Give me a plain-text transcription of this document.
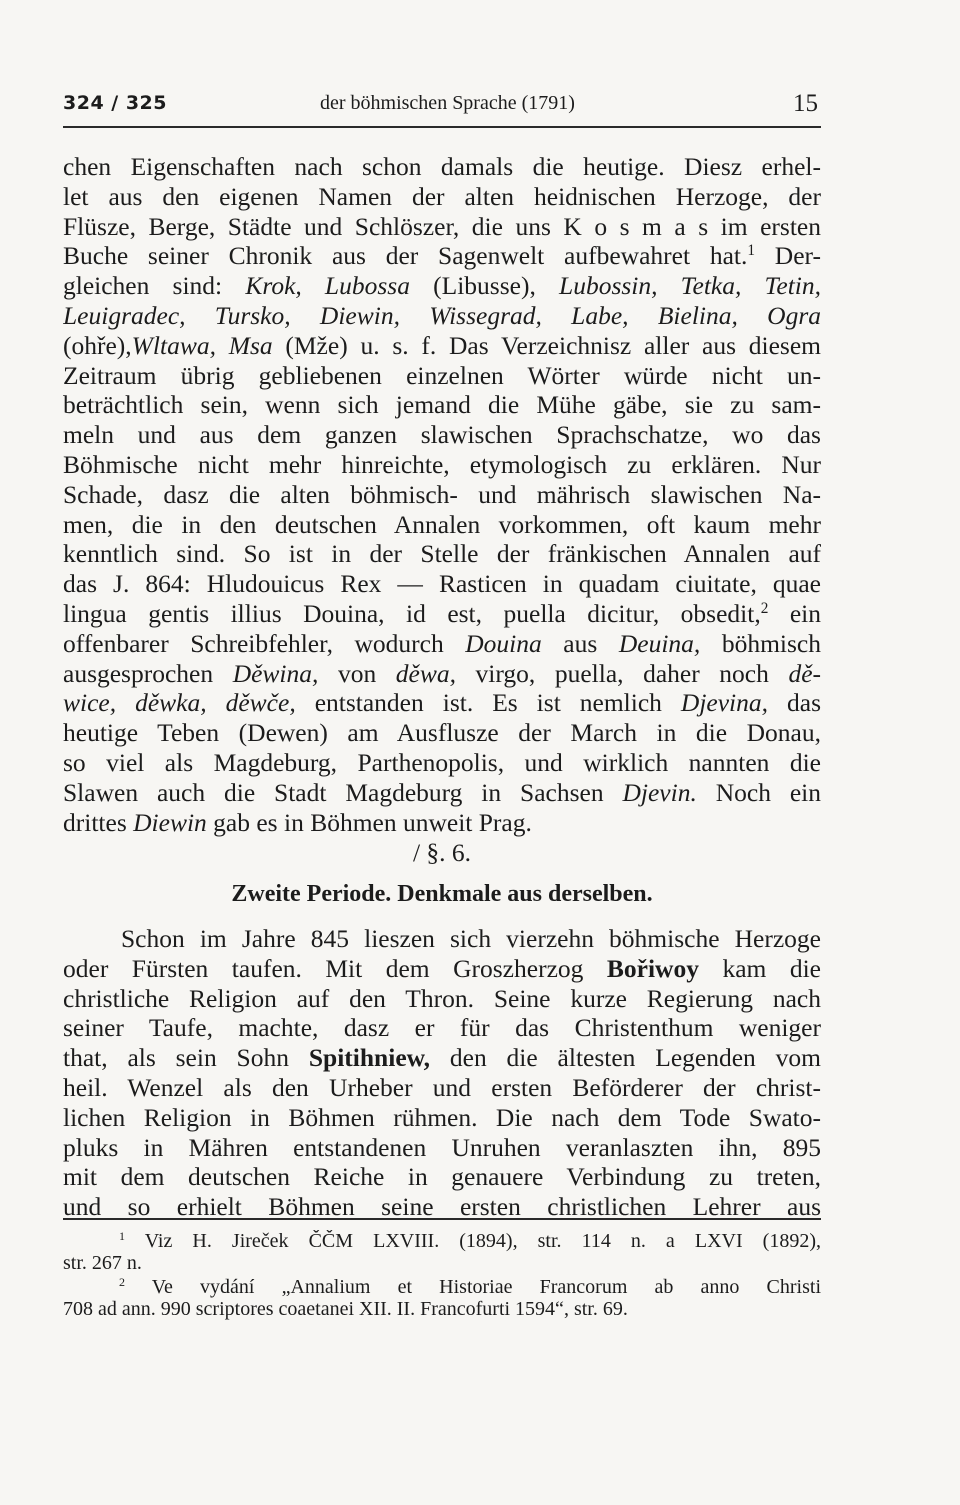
324 / 325	der böhmischen Sprache (1791)	15
chen Eigenschaften nach schon damals die heutige. Diesz erhel-
let aus den eigenen Namen der alten heidnischen Herzoge, der
Flüsze, Berge, Städte und Schlöszer, die uns K o s m a s im ersten
Buche seiner Chronik aus der Sagenwelt aufbewahret hat.$^1$ Der-
gleichen sind: Krok, Lubossa (Libusse), Lubossin, Tetka, Tetin,
Leuigradec, Tursko, Diewin, Wissegrad, Labe, Bielina, Ogra
(ohře),Wltawa, Msa (Mže) u. s. f. Das Verzeichnisz aller aus diesem
Zeitraum übrig gebliebenen einzelnen Wörter würde nicht un-
beträchtlich sein, wenn sich jemand die Mühe gäbe, sie zu sam-
meln und aus dem ganzen slawischen Sprachschatze, wo das
Böhmische nicht mehr hinreichte, etymologisch zu erklären. Nur
Schade, dasz die alten böhmisch- und mährisch slawischen Na-
men, die in den deutschen Annalen vorkommen, oft kaum mehr
kenntlich sind. So ist in der Stelle der fränkischen Annalen auf
das J. 864: Hludouicus Rex — Rasticen in quadam ciuitate, quae
lingua gentis illius Douina, id est, puella dicitur, obsedit,$^2$ ein
offenbarer Schreibfehler, wodurch Douina aus Deuina, böhmisch
ausgesprochen Děwina, von děwa, virgo, puella, daher noch dě-
wice, děwka, děwče, entstanden ist. Es ist nemlich Djevina, das
heutige Teben (Dewen) am Ausflusze der March in die Donau,
so viel als Magdeburg, Parthenopolis, und wirklich nannten die
Slawen auch die Stadt Magdeburg in Sachsen Djevin. Noch ein
drittes Diewin gab es in Böhmen unweit Prag.
/ §. 6.
Zweite Periode. Denkmale aus derselben.
Schon im Jahre 845 lieszen sich vierzehn böhmische Herzoge
oder Fürsten taufen. Mit dem Groszherzog Bořiwoy kam die
christliche Religion auf den Thron. Seine kurze Regierung nach
seiner Taufe, machte, dasz er für das Christenthum weniger
that, als sein Sohn Spitihniew, den die ältesten Legenden vom
heil. Wenzel als den Urheber und ersten Beförderer der christ-
lichen Religion in Böhmen rühmen. Die nach dem Tode Swato-
pluks in Mähren entstandenen Unruhen veranlaszten ihn, 895
mit dem deutschen Reiche in genauere Verbindung zu treten,
und so erhielt Böhmen seine ersten christlichen Lehrer aus
$^1$ Viz H. Jireček ČČM LXVIII. (1894), str. 114 n. a LXVI (1892),
str. 267 n.
$^2$ Ve vydání „Annalium et Historiae Francorum ab anno Christi
708 ad ann. 990 scriptores coaetanei XII. II. Francofurti 1594“, str. 69.
